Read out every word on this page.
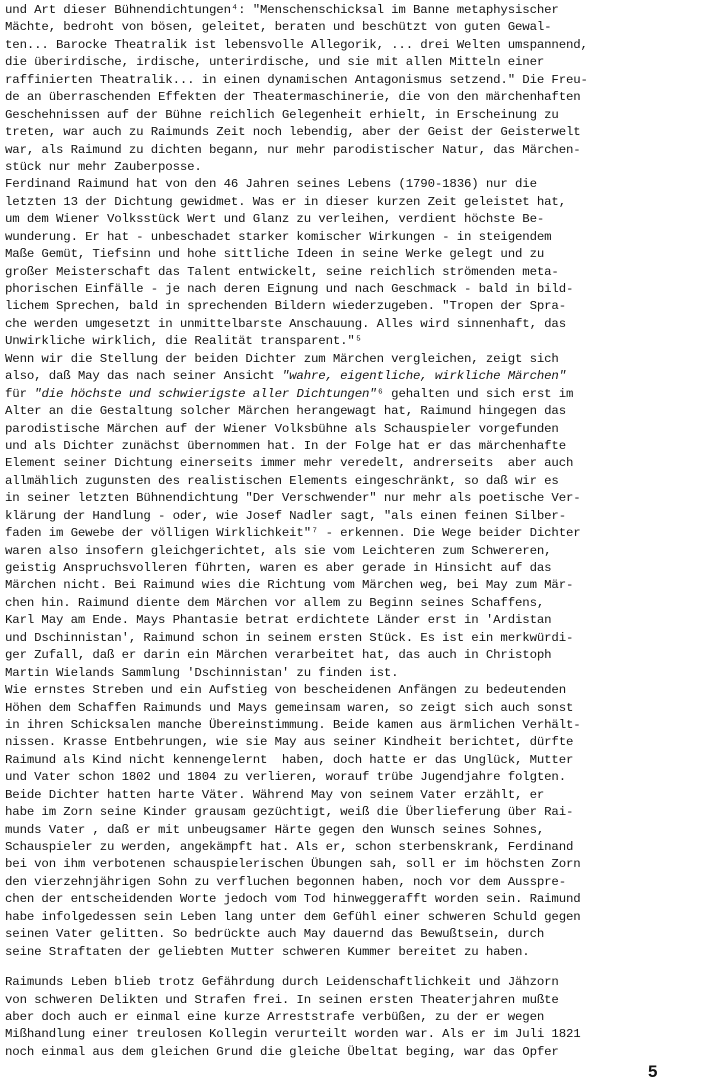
und Art dieser Bühnendichtungen⁴: "Menschenschicksal im Banne metaphysischer
Mächte, bedroht von bösen, geleitet, beraten und beschützt von guten Gewal-
ten... Barocke Theatralik ist lebensvolle Allegorik, ... drei Welten umspannend,
die überirdische, irdische, unterirdische, und sie mit allen Mitteln einer
raffinierten Theatralik... in einen dynamischen Antagonismus setzend." Die Freu-
de an überraschenden Effekten der Theatermaschinerie, die von den märchenhaften
Geschehnissen auf der Bühne reichlich Gelegenheit erhielt, in Erscheinung zu
treten, war auch zu Raimunds Zeit noch lebendig, aber der Geist der Geisterwelt
war, als Raimund zu dichten begann, nur mehr parodistischer Natur, das Märchen-
stück nur mehr Zauberposse.
Ferdinand Raimund hat von den 46 Jahren seines Lebens (1790-1836) nur die
letzten 13 der Dichtung gewidmet. Was er in dieser kurzen Zeit geleistet hat,
um dem Wiener Volksstück Wert und Glanz zu verleihen, verdient höchste Be-
wunderung. Er hat - unbeschadet starker komischer Wirkungen - in steigendem
Maße Gemüt, Tiefsinn und hohe sittliche Ideen in seine Werke gelegt und zu
großer Meisterschaft das Talent entwickelt, seine reichlich strömenden meta-
phorischen Einfälle - je nach deren Eignung und nach Geschmack - bald in bild-
lichem Sprechen, bald in sprechenden Bildern wiederzugeben. "Tropen der Spra-
che werden umgesetzt in unmittelbarste Anschauung. Alles wird sinnenhaft, das
Unwirkliche wirklich, die Realität transparent."⁵
Wenn wir die Stellung der beiden Dichter zum Märchen vergleichen, zeigt sich
also, daß May das nach seiner Ansicht "wahre, eigentliche, wirkliche Märchen"
für "die höchste und schwierigste aller Dichtungen"⁶ gehalten und sich erst im
Alter an die Gestaltung solcher Märchen herangewagt hat, Raimund hingegen das
parodistische Märchen auf der Wiener Volksbühne als Schauspieler vorgefunden
und als Dichter zunächst übernommen hat. In der Folge hat er das märchenhafte
Element seiner Dichtung einerseits immer mehr veredelt, andrerseits  aber auch
allmählich zugunsten des realistischen Elements eingeschränkt, so daß wir es
in seiner letzten Bühnendichtung "Der Verschwender" nur mehr als poetische Ver-
klärung der Handlung - oder, wie Josef Nadler sagt, "als einen feinen Silber-
faden im Gewebe der völligen Wirklichkeit"⁷ - erkennen. Die Wege beider Dichter
waren also insofern gleichgerichtet, als sie vom Leichteren zum Schwereren,
geistig Anspruchsvolleren führten, waren es aber gerade in Hinsicht auf das
Märchen nicht. Bei Raimund wies die Richtung vom Märchen weg, bei May zum Mär-
chen hin. Raimund diente dem Märchen vor allem zu Beginn seines Schaffens,
Karl May am Ende. Mays Phantasie betrat erdichtete Länder erst in 'Ardistan
und Dschinnistan', Raimund schon in seinem ersten Stück. Es ist ein merkwürdi-
ger Zufall, daß er darin ein Märchen verarbeitet hat, das auch in Christoph
Martin Wielands Sammlung 'Dschinnistan' zu finden ist.
Wie ernstes Streben und ein Aufstieg von bescheidenen Anfängen zu bedeutenden
Höhen dem Schaffen Raimunds und Mays gemeinsam waren, so zeigt sich auch sonst
in ihren Schicksalen manche Übereinstimmung. Beide kamen aus ärmlichen Verhält-
nissen. Krasse Entbehrungen, wie sie May aus seiner Kindheit berichtet, dürfte
Raimund als Kind nicht kennengelernt  haben, doch hatte er das Unglück, Mutter
und Vater schon 1802 und 1804 zu verlieren, worauf trübe Jugendjahre folgten.
Beide Dichter hatten harte Väter. Während May von seinem Vater erzählt, er
habe im Zorn seine Kinder grausam gezüchtigt, weiß die Überlieferung über Rai-
munds Vater , daß er mit unbeugsamer Härte gegen den Wunsch seines Sohnes,
Schauspieler zu werden, angekämpft hat. Als er, schon sterbenskrank, Ferdinand
bei von ihm verbotenen schauspielerischen Übungen sah, soll er im höchsten Zorn
den vierzehnjährigen Sohn zu verfluchen begonnen haben, noch vor dem Ausspre-
chen der entscheidenden Worte jedoch vom Tod hinweggerafft worden sein. Raimund
habe infolgedessen sein Leben lang unter dem Gefühl einer schweren Schuld gegen
seinen Vater gelitten. So bedrückte auch May dauernd das Bewußtsein, durch
seine Straftaten der geliebten Mutter schweren Kummer bereitet zu haben.
Raimunds Leben blieb trotz Gefährdung durch Leidenschaftlichkeit und Jähzorn
von schweren Delikten und Strafen frei. In seinen ersten Theaterjahren mußte
aber doch auch er einmal eine kurze Arreststrafe verbüßen, zu der er wegen
Mißhandlung einer treulosen Kollegin verurteilt worden war. Als er im Juli 1821
noch einmal aus dem gleichen Grund die gleiche Übeltat beging, war das Opfer
5
